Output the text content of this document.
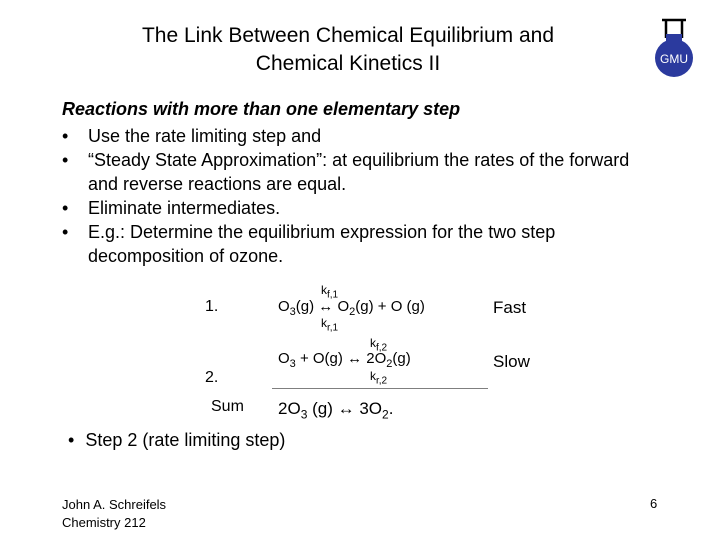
The Link Between Chemical Equilibrium and
Chemical Kinetics II	GMU
Reactions with more than one elementary step
• Use the rate limiting step and
• “Steady State Approximation”: at equilibrium the rates of the forward and reverse reactions are equal.
• Eliminate intermediates.
• E.g.: Determine the equilibrium expression for the two step decomposition of ozone.
1.
$k_{f,1}$
$O_3(g)$ ↔ $O_2(g) + O$ (g)
$k_{r,1}$
Fast
$k_{f,2}$
$O_3 + O(g)$ ↔ $2O_2(g)$
$k_{r,2}$
Slow
2.
Sum $2O_3$ (g) ↔ $3O_2$.
• Step 2 (rate limiting step)
John A. Schreifels
Chemistry 212
6
